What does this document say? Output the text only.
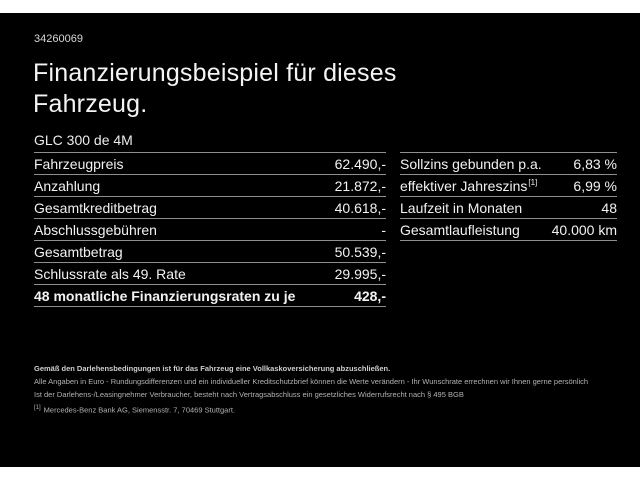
34260069
Finanzierungsbeispiel für dieses
Fahrzeug.
GLC 300 de 4M
Fahrzeugpreis	62.490,-
Anzahlung	21.872,-
Gesamtkreditbetrag	40.618,-
Abschlussgebühren	-
Gesamtbetrag	50.539,-
Schlussrate als 49. Rate	29.995,-
48 monatliche Finanzierungsraten zu je	428,-
Sollzins gebunden p.a. 6,83 %
effektiver Jahreszins[1]	6,99 %
Laufzeit in Monaten	48
Gesamtlaufleistung 40.000 km
Gemäß den Darlehensbedingungen ist für das Fahrzeug eine Vollkaskoversicherung abzuschließen.
Alle Angaben in Euro - Rundungsdifferenzen und ein individueller Kreditschutzbrief können die Werte verändern - Ihr Wunschrate errechnen wir Ihnen gerne persönlich
Ist der Darlehens-/Leasingnehmer Verbraucher, besteht nach Vertragsabschluss ein gesetzliches Widerrufsrecht nach § 495 BGB
[1] Mercedes-Benz Bank AG, Siemensstr. 7, 70469 Stuttgart.
